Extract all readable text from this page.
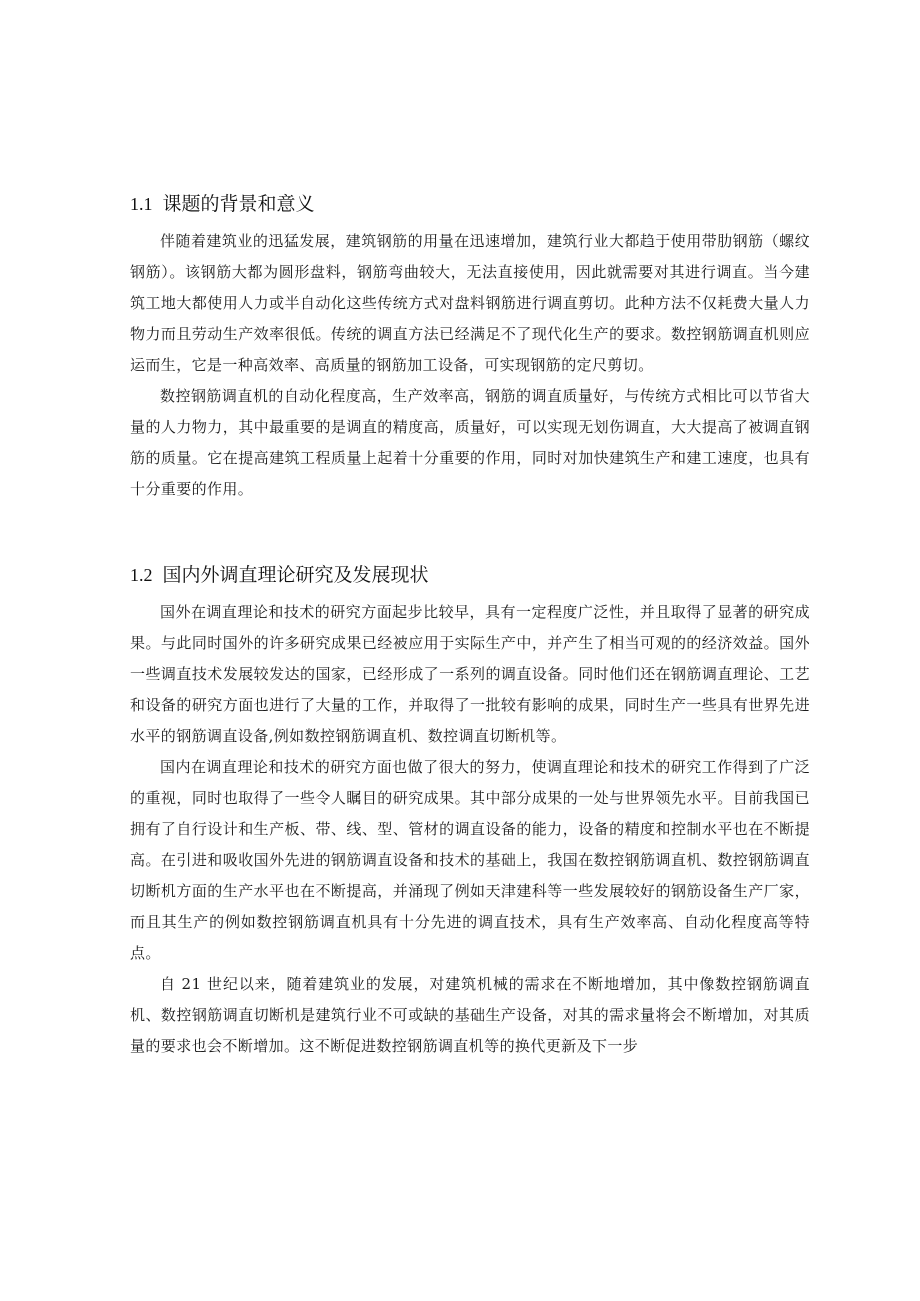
1.1 课题的背景和意义

伴随着建筑业的迅猛发展，建筑钢筋的用量在迅速增加，建筑行业大都趋于使用带肋钢筋（螺纹钢筋）。该钢筋大都为圆形盘料，钢筋弯曲较大，无法直接使用，因此就需要对其进行调直。当今建筑工地大都使用人力或半自动化这些传统方式对盘料钢筋进行调直剪切。此种方法不仅耗费大量人力物力而且劳动生产效率很低。传统的调直方法已经满足不了现代化生产的要求。数控钢筋调直机则应运而生，它是一种高效率、高质量的钢筋加工设备，可实现钢筋的定尺剪切。

数控钢筋调直机的自动化程度高，生产效率高，钢筋的调直质量好，与传统方式相比可以节省大量的人力物力，其中最重要的是调直的精度高，质量好，可以实现无划伤调直，大大提高了被调直钢筋的质量。它在提高建筑工程质量上起着十分重要的作用，同时对加快建筑生产和建工速度，也具有十分重要的作用。

1.2 国内外调直理论研究及发展现状

国外在调直理论和技术的研究方面起步比较早，具有一定程度广泛性，并且取得了显著的研究成果。与此同时国外的许多研究成果已经被应用于实际生产中，并产生了相当可观的的经济效益。国外一些调直技术发展较发达的国家，已经形成了一系列的调直设备。同时他们还在钢筋调直理论、工艺和设备的研究方面也进行了大量的工作，并取得了一批较有影响的成果，同时生产一些具有世界先进水平的钢筋调直设备,例如数控钢筋调直机、数控调直切断机等。

国内在调直理论和技术的研究方面也做了很大的努力，使调直理论和技术的研究工作得到了广泛的重视，同时也取得了一些令人瞩目的研究成果。其中部分成果的一处与世界领先水平。目前我国已拥有了自行设计和生产板、带、线、型、管材的调直设备的能力，设备的精度和控制水平也在不断提高。在引进和吸收国外先进的钢筋调直设备和技术的基础上，我国在数控钢筋调直机、数控钢筋调直切断机方面的生产水平也在不断提高，并涌现了例如天津建科等一些发展较好的钢筋设备生产厂家，而且其生产的例如数控钢筋调直机具有十分先进的调直技术，具有生产效率高、自动化程度高等特点。

自 21 世纪以来，随着建筑业的发展，对建筑机械的需求在不断地增加，其中像数控钢筋调直机、数控钢筋调直切断机是建筑行业不可或缺的基础生产设备，对其的需求量将会不断增加，对其质量的要求也会不断增加。这不断促进数控钢筋调直机等的换代更新及下一步
